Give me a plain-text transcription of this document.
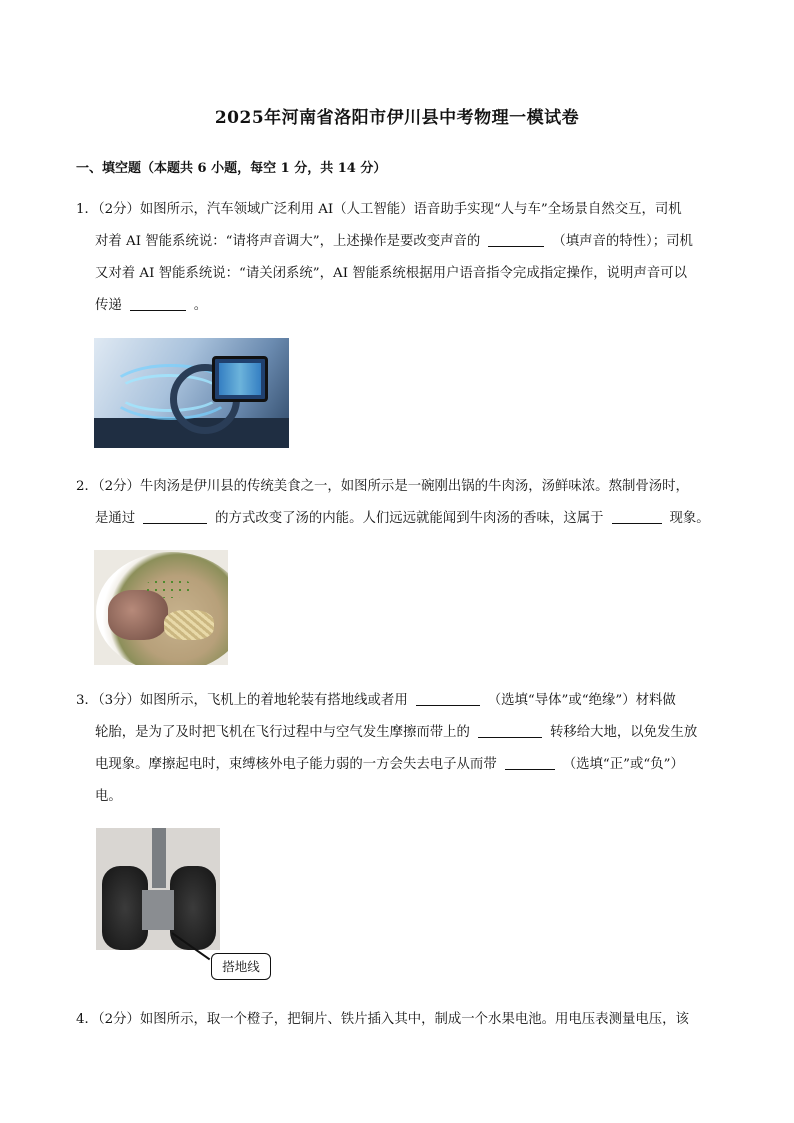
2025年河南省洛阳市伊川县中考物理一模试卷
一、填空题（本题共 6 小题，每空 1 分，共 14 分）
1．（2分）如图所示，汽车领域广泛利用 AI（人工智能）语音助手实现“人与车”全场景自然交互，司机
对着 AI 智能系统说：“请将声音调大”，上述操作是要改变声音的	（填声音的特性）；司机
又对着 AI 智能系统说：“请关闭系统”，AI 智能系统根据用户语音指令完成指定操作，说明声音可以
传递	。
2．（2分）牛肉汤是伊川县的传统美食之一，如图所示是一碗刚出锅的牛肉汤，汤鲜味浓。熬制骨汤时，
是通过	的方式改变了汤的内能。人们远远就能闻到牛肉汤的香味，这属于	现象。
3．（3分）如图所示，飞机上的着地轮装有搭地线或者用	（选填“导体”或“绝缘”）材料做
轮胎，是为了及时把飞机在飞行过程中与空气发生摩擦而带上的	转移给大地，以免发生放
电现象。摩擦起电时，束缚核外电子能力弱的一方会失去电子从而带	（选填“正”或“负”）
电。
搭地线
4．（2分）如图所示，取一个橙子，把铜片、铁片插入其中，制成一个水果电池。用电压表测量电压，该
